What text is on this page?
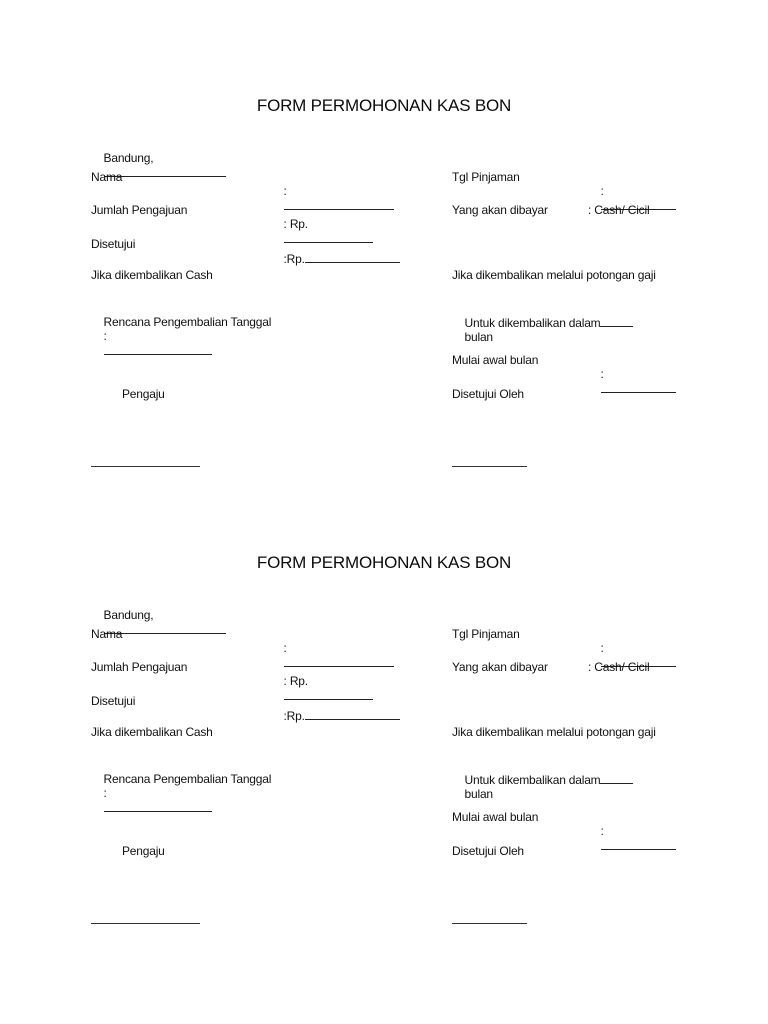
FORM PERMOHONAN KAS BON

Bandung,

Nama

:

Jumlah Pengajuan

: Rp.

Disetujui

:Rp.

Jika dikembalikan Cash

Rencana Pengembalian Tanggal
:

Pengaju
Tgl Pinjaman

:

Yang akan dibayar	: Cash/ Cicil
Jika dikembalikan melalui potongan gaji

Untuk dikembalikan dalam
bulan

Mulai awal bulan

:

Disetujui Oleh
FORM PERMOHONAN KAS BON

Bandung,

Nama

:

Jumlah Pengajuan

: Rp.

Disetujui

:Rp.

Jika dikembalikan Cash

Rencana Pengembalian Tanggal
:

Pengaju
Tgl Pinjaman

:

Yang akan dibayar	: Cash/ Cicil
Jika dikembalikan melalui potongan gaji

Untuk dikembalikan dalam
bulan

Mulai awal bulan

:

Disetujui Oleh
